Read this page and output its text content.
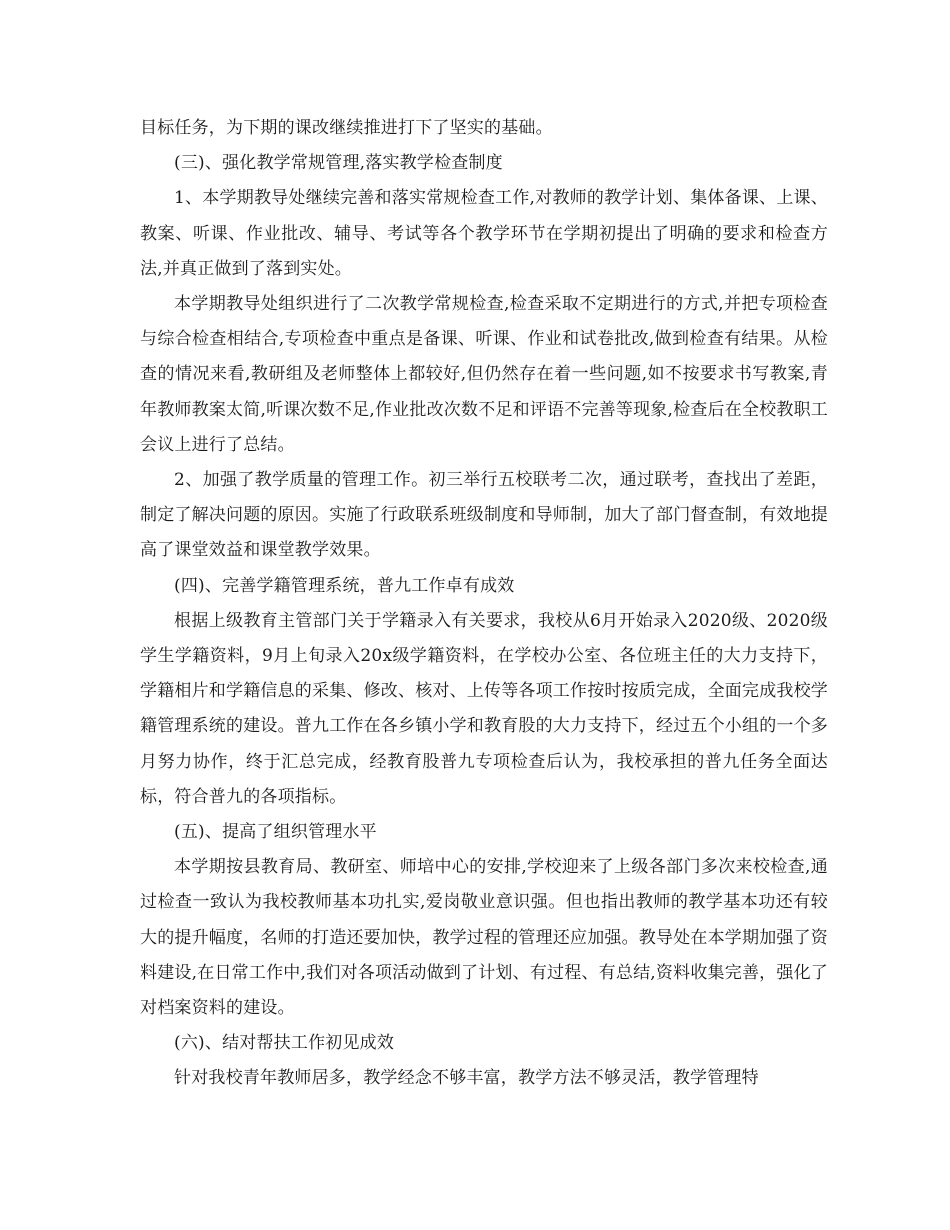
目标任务，为下期的课改继续推进打下了坚实的基础。

(三)、强化教学常规管理,落实教学检查制度

1、本学期教导处继续完善和落实常规检查工作,对教师的教学计划、集体备课、上课、教案、听课、作业批改、辅导、考试等各个教学环节在学期初提出了明确的要求和检查方法,并真正做到了落到实处。

本学期教导处组织进行了二次教学常规检查,检查采取不定期进行的方式,并把专项检查与综合检查相结合,专项检查中重点是备课、听课、作业和试卷批改,做到检查有结果。从检查的情况来看,教研组及老师整体上都较好,但仍然存在着一些问题,如不按要求书写教案,青年教师教案太简,听课次数不足,作业批改次数不足和评语不完善等现象,检查后在全校教职工会议上进行了总结。

2、加强了教学质量的管理工作。初三举行五校联考二次，通过联考，查找出了差距，制定了解决问题的原因。实施了行政联系班级制度和导师制，加大了部门督查制，有效地提高了课堂效益和课堂教学效果。

(四)、完善学籍管理系统，普九工作卓有成效

根据上级教育主管部门关于学籍录入有关要求，我校从6月开始录入2020级、2020级学生学籍资料，9月上旬录入20x级学籍资料，在学校办公室、各位班主任的大力支持下，学籍相片和学籍信息的采集、修改、核对、上传等各项工作按时按质完成，全面完成我校学籍管理系统的建设。普九工作在各乡镇小学和教育股的大力支持下，经过五个小组的一个多月努力协作，终于汇总完成，经教育股普九专项检查后认为，我校承担的普九任务全面达标，符合普九的各项指标。

(五)、提高了组织管理水平

本学期按县教育局、教研室、师培中心的安排,学校迎来了上级各部门多次来校检查,通过检查一致认为我校教师基本功扎实,爱岗敬业意识强。但也指出教师的教学基本功还有较大的提升幅度，名师的打造还要加快，教学过程的管理还应加强。教导处在本学期加强了资料建设,在日常工作中,我们对各项活动做到了计划、有过程、有总结,资料收集完善，强化了对档案资料的建设。

(六)、结对帮扶工作初见成效

针对我校青年教师居多，教学经念不够丰富，教学方法不够灵活，教学管理特
